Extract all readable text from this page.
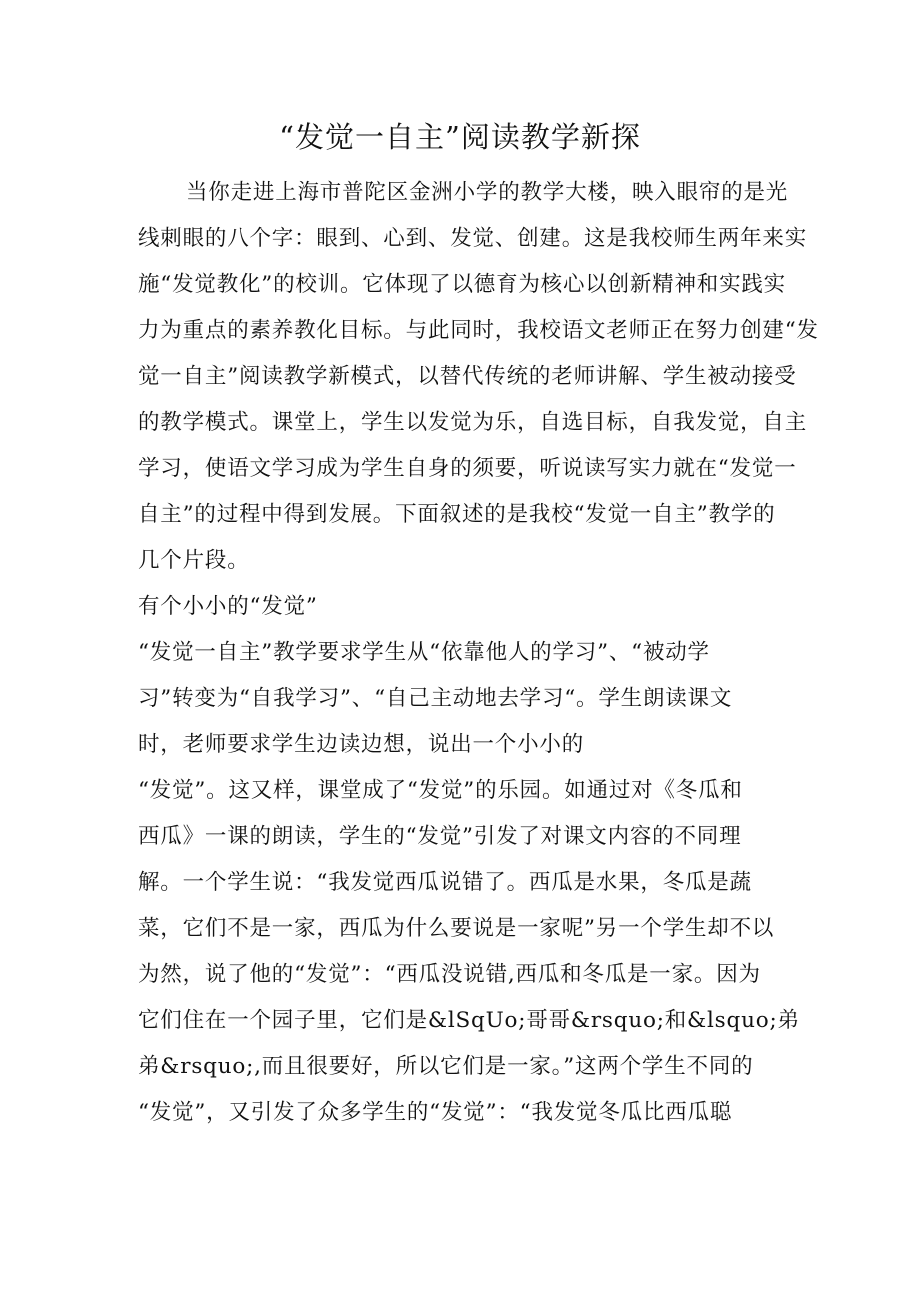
“发觉一自主”阅读教学新探
当你走进上海市普陀区金洲小学的教学大楼，映入眼帘的是光
线刺眼的八个字：眼到、心到、发觉、创建。这是我校师生两年来实
施“发觉教化”的校训。它体现了以德育为核心以创新精神和实践实
力为重点的素养教化目标。与此同时，我校语文老师正在努力创建“发
觉一自主”阅读教学新模式，以替代传统的老师讲解、学生被动接受
的教学模式。课堂上，学生以发觉为乐，自选目标，自我发觉，自主
学习，使语文学习成为学生自身的须要，听说读写实力就在“发觉一
自主”的过程中得到发展。下面叙述的是我校“发觉一自主”教学的
几个片段。
有个小小的“发觉”
“发觉一自主”教学要求学生从“依靠他人的学习”、“被动学
习”转变为“自我学习”、“自己主动地去学习“。学生朗读课文
时，老师要求学生边读边想，说出一个小小的
“发觉”。这又样，课堂成了“发觉”的乐园。如通过对《冬瓜和
西瓜》一课的朗读，学生的“发觉”引发了对课文内容的不同理
解。一个学生说：“我发觉西瓜说错了。西瓜是水果，冬瓜是蔬
菜，它们不是一家，西瓜为什么要说是一家呢”另一个学生却不以
为然，说了他的“发觉”：“西瓜没说错,西瓜和冬瓜是一家。因为
它们住在一个园子里，它们是&lSqUo;哥哥&rsquo;和&lsquo;弟
弟&rsquo;,而且很要好，所以它们是一家。”这两个学生不同的
“发觉”，又引发了众多学生的“发觉”：“我发觉冬瓜比西瓜聪
